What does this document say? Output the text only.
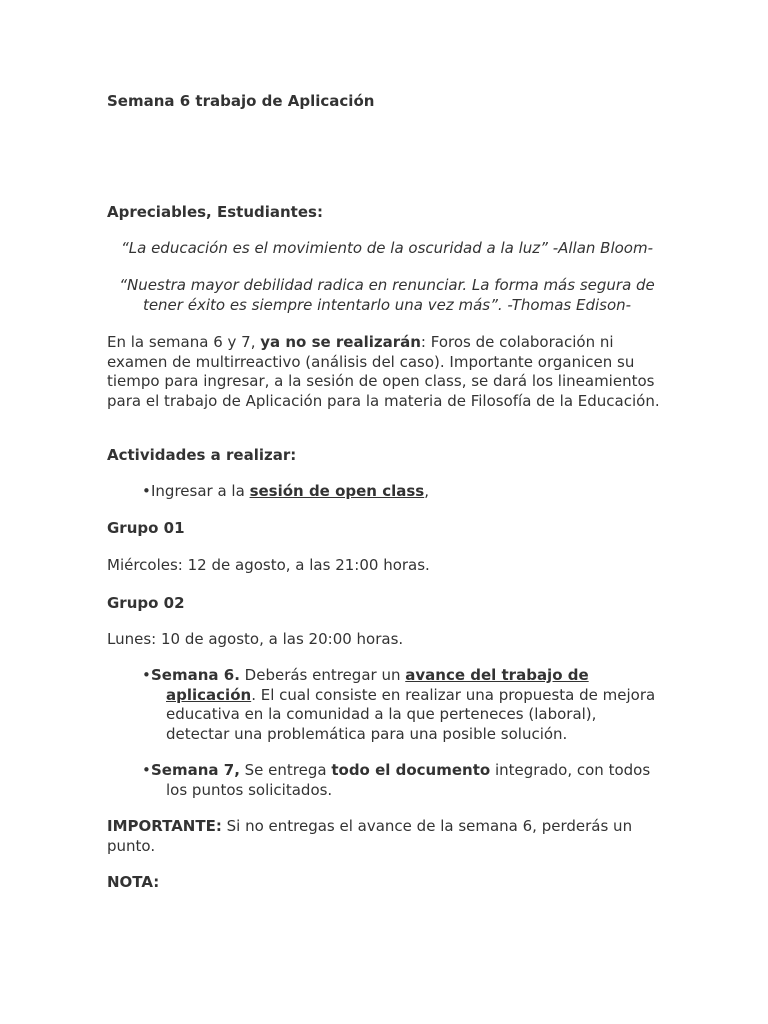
Semana 6 trabajo de Aplicación

Apreciables, Estudiantes:

“La educación es el movimiento de la oscuridad a la luz” -Allan Bloom-

“Nuestra mayor debilidad radica en renunciar. La forma más segura de tener éxito es siempre intentarlo una vez más”. -Thomas Edison-

En la semana 6 y 7, ya no se realizarán: Foros de colaboración ni examen de multirreactivo (análisis del caso). Importante organicen su tiempo para ingresar, a la sesión de open class, se dará los lineamientos para el trabajo de Aplicación para la materia de Filosofía de la Educación.

Actividades a realizar:

•Ingresar a la sesión de open class,

Grupo 01

Miércoles: 12 de agosto, a las 21:00 horas.

Grupo 02

Lunes: 10 de agosto, a las 20:00 horas.

•Semana 6. Deberás entregar un avance del trabajo de
aplicación. El cual consiste en realizar una propuesta de mejora
educativa en la comunidad a la que perteneces (laboral),
detectar una problemática para una posible solución.
•Semana 7, Se entrega todo el documento integrado, con todos
los puntos solicitados.

IMPORTANTE: Si no entregas el avance de la semana 6, perderás un punto.

NOTA:
